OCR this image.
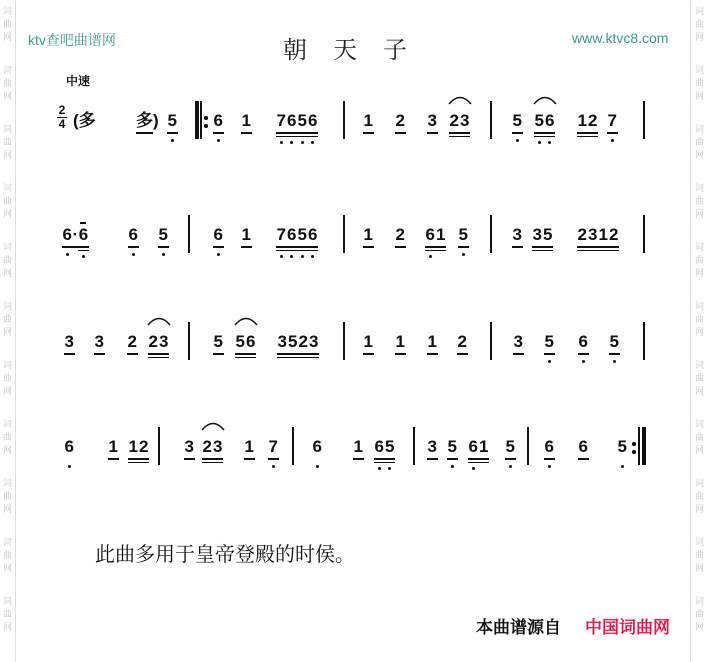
词
曲
网
词
曲
网
词
曲
网
词
曲
网
词
曲
网
词
曲
网
词
曲
网
词
曲
网
词
曲
网
词
曲
网
词
曲
网
词
曲
网
词
曲
网
词
曲
网
词
曲
网
词
曲
网
词
曲
网
词
曲
网
词
曲
网
词
曲
网
词
曲
网
词
曲
网
ktv查吧曲谱网	www.ktvc8.com
朝 天 子
中速
2
4 (多 多
) 5 6 1 7
6
5
6	1 2 3 2
3	5 5
6 1
2 7
6
·
6 6 5	6 1 7
6
5
6	1 2 6
1 5	3 3
5 2
3
1
2
3 3 2 2
3	5 5
6 3
5
2
3	1 1 1 2	3 5 6 5
6 1 1
2 3 2
3 1 7 6 1 6
5 3 5 6
1 5 6 6 5
此曲多用于皇帝登殿的时侯。
本曲谱源自 中国词曲网
